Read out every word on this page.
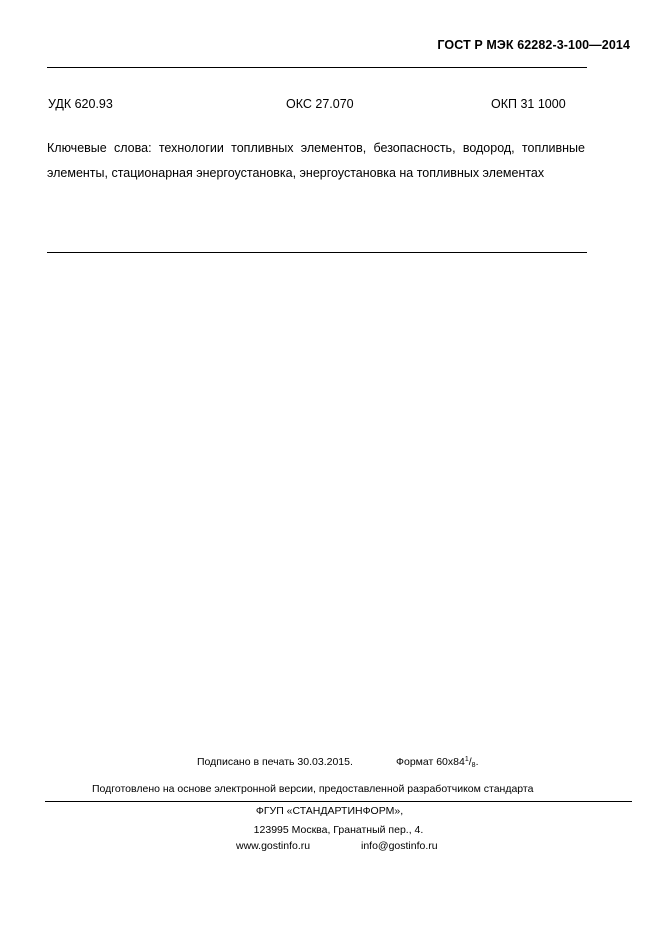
ГОСТ Р МЭК 62282-3-100—2014
УДК 620.93	ОКС 27.070	ОКП 31 1000
Ключевые слова: технологии топливных элементов, безопасность, водород, топливные элементы, стационарная энергоустановка, энергоустановка на топливных элементах
Подписано в печать 30.03.2015.	Формат $60х84^1/8$.
Подготовлено на основе электронной версии, предоставленной разработчиком стандарта
ФГУП «СТАНДАРТИНФОРМ»,
123995 Москва, Гранатный пер., 4.
www.gostinfo.ru	info@gostinfo.ru
